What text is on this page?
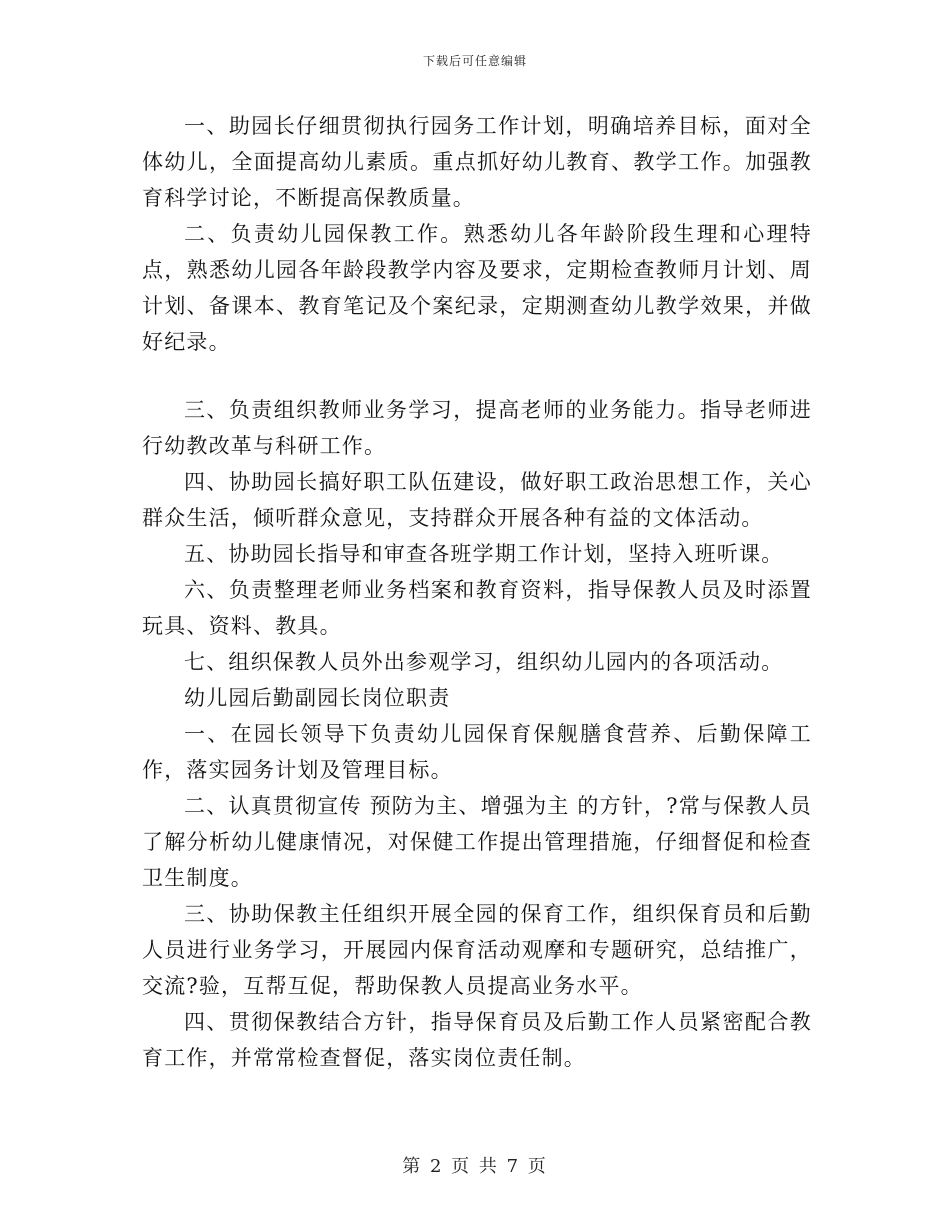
下载后可任意编辑

一、助园长仔细贯彻执行园务工作计划，明确培养目标，面对全体幼儿，全面提高幼儿素质。重点抓好幼儿教育、教学工作。加强教育科学讨论，不断提高保教质量。

二、负责幼儿园保教工作。熟悉幼儿各年龄阶段生理和心理特点，熟悉幼儿园各年龄段教学内容及要求，定期检查教师月计划、周计划、备课本、教育笔记及个案纪录，定期测查幼儿教学效果，并做好纪录。

三、负责组织教师业务学习，提高老师的业务能力。指导老师进行幼教改革与科研工作。

四、协助园长搞好职工队伍建设，做好职工政治思想工作，关心群众生活，倾听群众意见，支持群众开展各种有益的文体活动。

五、协助园长指导和审查各班学期工作计划，坚持入班听课。

六、负责整理老师业务档案和教育资料，指导保教人员及时添置玩具、资料、教具。

七、组织保教人员外出参观学习，组织幼儿园内的各项活动。

幼儿园后勤副园长岗位职责

一、在园长领导下负责幼儿园保育保舰膳食营养、后勤保障工作，落实园务计划及管理目标。

二、认真贯彻宣传 预防为主、增强为主 的方针，?常与保教人员了解分析幼儿健康情况，对保健工作提出管理措施，仔细督促和检查卫生制度。

三、协助保教主任组织开展全园的保育工作，组织保育员和后勤人员进行业务学习，开展园内保育活动观摩和专题研究，总结推广，交流?验，互帮互促，帮助保教人员提高业务水平。

四、贯彻保教结合方针，指导保育员及后勤工作人员紧密配合教育工作，并常常检查督促，落实岗位责任制。

第 2 页 共 7 页
